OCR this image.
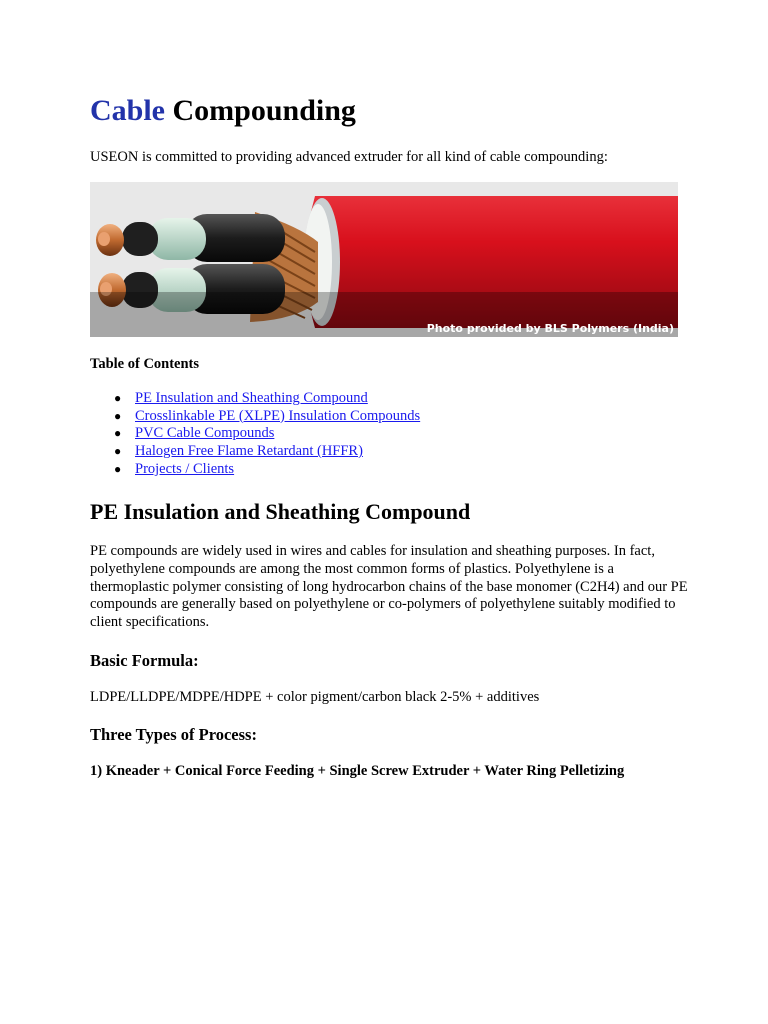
Cable Compounding

USEON is committed to providing advanced extruder for all kind of cable compounding:

Photo provided by BLS Polymers (India)

Table of Contents

● PE Insulation and Sheathing Compound
● Crosslinkable PE (XLPE) Insulation Compounds
● PVC Cable Compounds
● Halogen Free Flame Retardant (HFFR)
● Projects / Clients
PE Insulation and Sheathing Compound

PE compounds are widely used in wires and cables for insulation and sheathing purposes. In fact, polyethylene compounds are among the most common forms of plastics. Polyethylene is a thermoplastic polymer consisting of long hydrocarbon chains of the base monomer (C2H4) and our PE compounds are generally based on polyethylene or co-polymers of polyethylene suitably modified to client specifications.

Basic Formula:

LDPE/LLDPE/MDPE/HDPE + color pigment/carbon black 2-5% + additives

Three Types of Process:

1) Kneader + Conical Force Feeding + Single Screw Extruder + Water Ring Pelletizing
